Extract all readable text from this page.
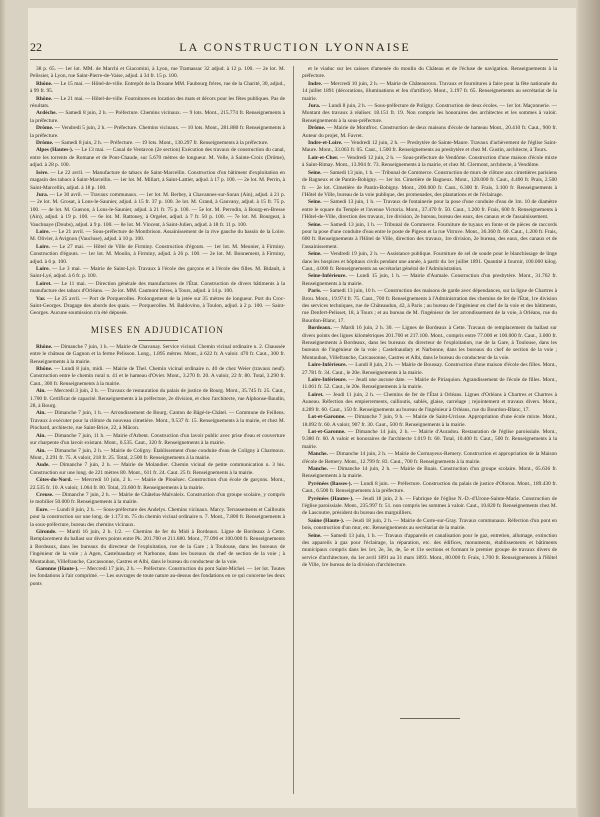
22	LA CONSTRUCTION LYONNAISE

38 p. 65. — 1er lot. MM. de Marchi et Giacomini, à Lyon, rue Tramassac 32 adjud. à 12 p. 100. — 2e lot. M. Pelissier, à Lyon, rue Saint-Pierre-de-Vaise, adjud. à 34 fr. 15 p. 100.

Rhône. — Le 15 mai. — Hôtel-de-ville. Entrepôt de la Douane MM. Faubourg frères, rue de la Charité, 30, adjud., à 99 fr. 95.

Rhône. — Le 21 mai. — Hôtel-de-ville. Fournitures en location des mats et décors pour les fêtes publiques. Pas de résultats.

Ardèche. — Samedi 8 juin, 2 h. — Préfecture. Chemins vicinaux. — 9 lots. Mont., 215.774 fr. Renseignements à la préfecture.

Drôme. — Vendredi 5 juin, 2 h. — Préfecture. Chemins vicinaux. — 10 lots. Mont., 281.880 fr. Renseignements à la préfecture.

Drôme. — Samedi 8 juin, 2 h. — Préfecture. — 19 lots. Mont., 130.297 fr. Renseignements à la préfecture.

Alpes (Hautes-). — Le 13 mai. — Canal de Ventavon (2e section) Exécution des travaux de construction du canal, entre les torrents de Romane et de Pont-Chaude, sur 5.670 mètres de longueur. M. Velle, à Sainte-Croix (Drôme), adjud. à 28 p. 100.

Isère. — Le 22 avril. — Manufacture de tabacs de Saint-Marcellin. Construction d'un bâtiment d'exploitation en magasin des tabacs à Saint-Marcellin. — 1er lot. M. Millart, à Saint-Lattier, adjud. à 17 p. 100. — 2e lot. M. Perrin, à Saint-Marcellin, adjud. à 18 p. 100.

Jura. — Le 30 avril. — Travaux communaux. — 1er lot. M. Berbey, à Chavannes-sur-Suran (Ain), adjud. à 21 p. — 2e lot. M. Grosat, à Lons-le-Saunier, adjud. à 15 fr. 37 p. 100. 3e lot. M. Grand, à Gauvany, adjud. à 15 fr. 75 p. 100. — 4e lot. M. Guenon, à Lons-le-Saunier, adjud. à 21 fr. 75 p. 100. — 5e lot. M. Perrodin, à Bourg-en-Bresse (Ain), adjud. à 19 p. 100. — 6e lot. M. Rattoney, à Orgelet, adjud. à 7 fr. 50 p. 100. — 7e lot. M. Bourgeat, à Vauchnaye (Doubs), adjud. à 9 p. 100. — 8e lot. M. Vincent, à Saint-Julien, adjud. à 18 fr. 11 p. 100.

Loire. — Le 21 avril. — Sous-préfecture de Montbrison. Assainissement de la rive gauche du bassin de la Loire. M. Olivier, à Avignon (Vaucluse), adjud. à 10 p. 100.

Loire. — Le 27 mai. — Hôtel de Ville de Firminy. Construction d'égouts. — 1er lot. M. Meunier, à Firminy. Construction d'égouts. — 1er lot. M. Moulin, à Firminy, adjud. à 26 p. 100. — 2e lot. M. Bonnement, à Firminy, adjud. à 6 p. 100.

Loire. — Le 3 mai. — Mairie de Saint-Lyé. Travaux à l'école des garçons et à l'école des filles. M. Bidault, à Saint-Lyé, adjud. à 6 fr. p. 100.

Loiret. — Le 11 mai. — Direction générale des manufactures de l'État. Construction de divers bâtiments à la manufacture des tabacs d'Orléans. — 2e lot. MM. Caumont frères, à Tours, adjud. à 14 p. 100.

Var. — Le 25 avril. — Port de Porquerolles. Prolongement de la jetée sur 35 mètres de longueur. Port du Croc-Saint-Georges. Dragage des abords des quais. — Porquerolles. M. Baldovino, à Toulon, adjud. à 2 p. 100. — Saint-Georges. Aucune soumission n'a été déposée.

MISES EN ADJUDICATION

Rhône. — Dimanche 7 juin, 1 h. — Mairie de Chavanay. Service vicinal. Chemin vicinal ordinaire n. 2. Chaussée entre le château de Gagnon et la ferme Pelisson. Long., 1.895 mètres. Mont., à 622 fr. A valoir. 470 fr. Caut., 300 fr. Renseignements à la mairie.

Rhône. — Lundi 8 juin, midi. — Mairie de Thel. Chemin vicinal ordinaire n. 40 de chez Weier (travaux neuf). Construction entre le chemin rural n. 41 et le hameau d'Ovier. Mont., 3.270 fr. 20. A valoir, 22 fr. 80. Total, 3.290 fr. Caut., 300 fr. Renseignements à la mairie.

Ain. — Mercredi 3 juin, 2 h. — Travaux de restauration du palais de justice de Bourg. Mont., 35.745 fr. 25. Caut., 1.700 fr. Certificat de capacité. Renseignements à la préfecture, 2e division, et chez l'architecte, rue Alphonse-Baudin, 28, à Bourg.

Ain. — Dimanche 7 juin, 1 h. — Arrondissement de Bourg. Canton de Bâgé-le-Châtel. — Commune de Feillens. Travaux à exécuter pour la clôture du nouveau cimetière. Mont., 9.537 fr. 15. Renseignements à la mairie, et chez M. Pinchard, architecte, rue Saint-Brice, 22, à Mâcon.

Ain. — Dimanche 7 juin, 11 h. — Mairie d'Arbent. Construction d'un lavoir public avec prise d'eau et couverture sur charpente d'un lavoir existant. Mont., 6.535. Caut., 320 fr. Renseignements à la mairie.

Ain. — Dimanche 7 juin, 2 h. — Mairie de Coligny. Établissement d'une conduite d'eau de Coligny à Charmoux. Mont., 2.291 fr. 75. A valoir, 218 fr. 25. Total, 2.500 fr. Renseignements à la mairie.

Aude. — Dimanche 7 juin, 2 h. — Mairie de Molandier. Chemin vicinal de petite communication n. 3 bis. Construction sur une long. de 221 mètres 80. Mont., 611 fr. 24. Caut. 25 fr. Renseignements à la mairie.

Côtes-du-Nord. — Mercredi 10 juin, 2 h. — Mairie de Plouëzec. Construction d'un école de garçons. Mont., 22.535 fr. 10. A valoir, 1.064 fr. 80. Total, 23.600 fr. Renseignements à la mairie.

Creuse. — Dimanche 7 juin, 2 h. — Mairie de Châtelus-Malvaleix. Construction d'un groupe scolaire, y compris le mobilier 50.000 fr. Renseignements à la mairie.

Eure. — Lundi 8 juin, 2 h. — Sous-préfecture des Andelys. Chemins vicinaux. Marcy. Terrassements et Cailloutis pour la construction sur une long. de 1.173 m. 75 du chemin vicinal ordinaire n. 7. Mont., 7.800 fr. Renseignements à la sous-préfecture, bureau des chemins vicinaux.

Gironde. — Mardi 16 juin, 2 h. 1/2. — Chemins de fer du Midi à Bordeaux. Ligne de Bordeaux à Cette. Remplacement du ballast sur divers points entre Pk. 201.700 et 211.680. Mont., 77.090 et 100.000 fr. Renseignements à Bordeaux, dans les bureaux du directeur de l'exploitation, rue de la Gare ; à Toulouse, dans les bureaux de l'ingénieur de la voie ; à Agen, Castelnaudary et Narbonne, dans les bureaux du chef de section de la voie ; à Montauban, Villefranche, Carcassonne, Castres et Albi, dans le bureau du conducteur de la voie.

Garonne (Haute-). — Mercredi 17 juin, 2 h. — Préfecture. Construction du pont Saint-Michel. — 1er lot. Toutes les fondations à l'air comprimé. — Les ouvrages de toute nature au-dessus des fondations en ce qui concerne les deux ponts

et le viaduc sur les caisses d'amenée du moulin du Château et de l'écluse de navigation. Renseignements à la préfecture.

Indre. — Mercredi 10 juin, 2 h. — Mairie de Châteauroux. Travaux et fournitures à faire pour la fête nationale du 14 juillet 1891 (décorations, illuminations et feu d'artifice). Mont., 3.197 fr. 65. Renseignements au secrétariat de la mairie.

Jura. — Lundi 8 juin, 2 h. — Sous-préfecture de Poligny. Construction de deux écoles. — 1er lot. Maçonnerie. — Montant des travaux à réaliser. 18.151 fr. 19. Non compris les honoraires des architectes et les sommes à valoir. Renseignements à la sous-préfecture.

Drôme. — Mairie de Montfroc. Construction de deux maisons d'école de hameau Mont., 20.410 fr. Caut., 900 fr. Auteur du projet, M. Favret.

Indre-et-Loire. — Vendredi 12 juin, 2 h. — Presbytère de Sainte-Maure. Travaux d'achèvement de l'église Saint-Maure. Mont., 33.063 fr. 05. Caut., 1.500 fr. Renseignements au presbytère et chez M. Gustin, architecte, à Tours.

Loir-et-Cher. — Vendredi 12 juin, 2 h. — Sous-préfecture de Vendôme. Construction d'une maison d'école mixte à Saint-Rimay. Mont., 13.904 fr. 73. Renseignements à la mairie, et chez M. Clermont, architecte, à Vendôme.

Seine. — Samedi 13 juin, 1 h. — Tribunal de Commerce. Construction de murs de clôture aux cimetières parisiens de Bagneux et de Pantin-Bobigny. — 1er lot. Cimetière de Bagneux. Mont., 128.000 fr. Caut., 4.400 fr. Prais, 2.500 fr. — 2e lot. Cimetière de Pantin-Bobigny. Mont., 200.000 fr. Caut., 6.300 fr. Frais, 3.100 fr. Renseignements à l'Hôtel de Ville, bureau de la voie publique, des promenades, des plantations et de l'éclairage.

Seine. — Samedi 13 juin, 1 h. — Travaux de fontainerie pour la pose d'une conduite d'eau de 1m. 10 de diamètre entre le square du Temple et l'avenue Victoria. Mont., 37.470 fr. 50. Caut., 1.200 fr. Frais, 600 fr. Renseignements à l'Hôtel-de-Ville, direction des travaux, 1re division, 2e bureau, bureau des eaux, des canaux et de l'assainissement.

Seine. — Samedi 13 juin, 1 h. — Tribunal de Commerce. Fourniture de tuyaux en fonte et de pièces de raccords pour la pose d'une conduite d'eau entre le poste de Pigeon et la rue Vitruve. Mont., 36.360 fr. 60. Caut., 1.200 fr. Frais, 600 fr. Renseignements à l'Hôtel de Ville, direction des travaux, 1re division, 2e bureau, des eaux, des canaux et de l'assainissement.

Seine. — Vendredi 19 juin, 2 h. — Assistance publique. Fourniture de sel de soude pour le blanchissage de linge dans les hospices et hôpitaux civils pendant une année, à partir du 1er juillet 1891. Quantité à fournir, 100.000 kilog. Caut., 4.000 fr. Renseignements au secrétariat général de l'Administration.

Seine-Inférieure. — Lundi 15 juin, 1 h. — Mairie d'Aumale. Construction d'un presbytère. Mont., 31.762 fr. Renseignements à la mairie.

Paris. — Samedi 13 juin, 10 h. — Construction des maisons de garde avec dépendances, sur la ligne de Chartres à Brou. Mont., 19.974 fr. 75. Caut., 700 fr. Renseignements à l'Administration des chemins de fer de l'État, 1re division des services techniques, rue de Châteaudun, 42, à Paris ; au bureau de l'ingénieur en chef de la voie et des bâtiments, rue Denfert-Pelisset, 18, à Tours ; et au bureau de M. l'ingénieur de 1er arrondissement de la voie, à Orléans, rue du Bourdon-Blanc, 17.

Bordeaux. — Mardi 16 juin, 2 h. 30. — Lignes de Bordeaux à Cette. Travaux de remplacement du ballast sur divers points des lignes kilométriques 201.700 et 217.100. Mont., compris entre 77.000 et 100.000 fr. Caut., 3.000 fr. Renseignements à Bordeaux, dans les bureaux du directeur de l'exploitation, rue de la Gare, à Toulouse, dans les bureaux de l'ingénieur de la voie ; Castelnaudary et Narbonne, dans les bureaux du chef de section de la voie ; Montauban, Villefranche, Carcassonne, Castres et Albi, dans le bureau du conducteur de la voie.

Loire-Inférieure. — Lundi 8 juin, 2 h. — Mairie de Boussay. Construction d'une maison d'école des filles. Mont., 27.781 fr. 34. Caut., le 20e. Renseignements à la mairie.

Loire-Inférieure. — Jeudi une aucune date. — Mairie de Piriaquion. Agrandissement de l'école de filles. Mont., 11.061 fr. 52. Caut., le 20e. Renseignements à la mairie.

Loiret. — Jeudi 11 juin, 2 h. — Chemins de fer de l'État à Orléans. Lignes d'Orléans à Chartres et Chartres à Auneau. Réfection des empierrements, cailloutis, sablés, glaise, carrelage ; rejointement et travaux divers. Mont., 4.289 fr. 60. Caut., 150 fr. Renseignements au bureau de l'ingénieur à Orléans, rue du Bourdon-Blanc, 17.

Lot-et-Garonne. — Dimanche 7 juin, 9 h. — Mairie de Saint-Urcisse. Appropriation d'une école mixte. Mont., 18.092 fr. 60. A valoir, 907 fr. 30. Caut., 500 fr. Renseignements à la mairie.

Lot-et-Garonne. — Dimanche 14 juin, 2 h. — Mairie d'Auradou. Restauration de l'église paroissiale. Mont., 9.380 fr. 60. A valoir et honoraires de l'architecte 1.019 fr. 60. Total, 10.400 fr. Caut., 500 fr. Renseignements à la mairie.

Manche. — Dimanche 14 juin, 2 h. — Mairie de Cormayeux-Remery. Construction et appropriation de la Maison d'école de Remery. Mont., 12.799 fr. 83. Caut., 700 fr. Renseignements à la mairie.

Manche. — Dimanche 14 juin, 2 h. — Mairie de Buais. Construction d'un groupe scolaire. Mont., 65.636 fr. Renseignements à la mairie.

Pyrénées (Basses-). — Lundi 8 juin. — Préfecture. Construction du palais de justice d'Oloron. Mont., 189.430 fr. Caut., 6.500 fr. Renseignements à la préfecture.

Pyrénées (Hautes-). — Jeudi 18 juin, 2 h. — Fabrique de l'église N.-D.-d'Urone-Sainte-Marie. Construction de l'église paroissiale. Mont., 235.997 fr. 51. non compris les sommes à valoir. Caut., 10.820 fr. Renseignements chez M. de Lascoutre, président du bureau des marguilliers.

Saône (Haute-). — Jeudi 18 juin, 2 h. — Mairie de Corre-sur-Gray. Travaux communaux. Réfection d'un pont en bois, construction d'un mur, etc. Renseignements au secrétariat de la mairie.

Seine. — Samedi 13 juin, 1 h. — Travaux d'appareils et canalisation pour le gaz, entretien, allumage, extinction des appareils à gaz pour l'éclairage, la réparation, etc. des édifices, monuments, établissements et bâtiments municipaux compris dans les 1er, 2e, 3e, 4e, 5e et 11e sections et formant le premier groupe de travaux divers de service d'architecture, du 1er avril 1891 au 31 mars 1893. Mont., 80.000 fr. Frais, 1.700 fr. Renseignements à l'Hôtel de Ville, 1re bureau de la division d'architecture.
